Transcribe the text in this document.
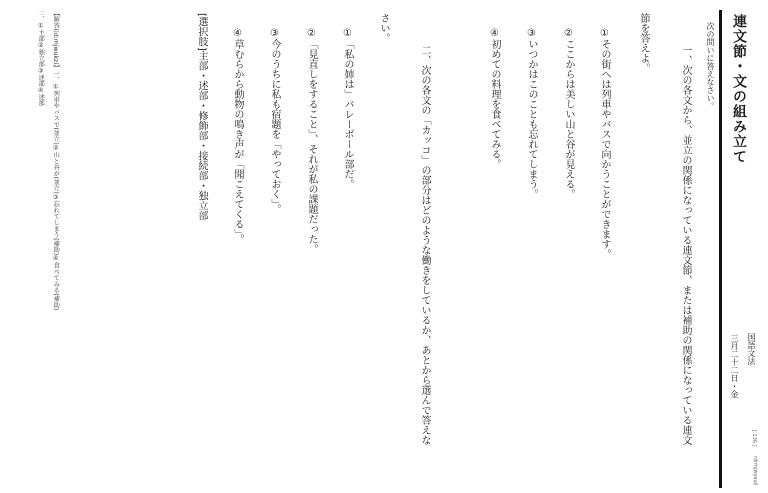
連文節・文の組み立て
次の問いに答えなさい。
国語文法
三月二十二日・金
[ 136 ]
rdrmjwyaujl
一、次の各文から、並立の関係になっている連文節、または補助の関係になっている連文
節を答えよ。
①その街へは列車やバスで向かうことができます。
②ここからは美しい山と谷が見える。
③いつかはこのことも忘れてしまう。
④初めての料理を食べてみる。
二、次の各文の「カッコ」の部分はどのような働きをしているか、あとから選んで答えな
さい。
①「私の姉は」バレーボール部だ。
②「見直しをすること」、それが私の課題だった。
③今のうちに私も宿題を「やっておく」。
④草むらから動物の鳴き声が「聞こえてくる」。
[選択肢]主部・述部・修飾部・接続部・独立部
【解答(id:mjwukz)】一、①列車やバスで(並立)②山と谷が(並立)③忘れてしまう(補助)④食べてみる(補助)
二、①主部②独立部③述部④述部
